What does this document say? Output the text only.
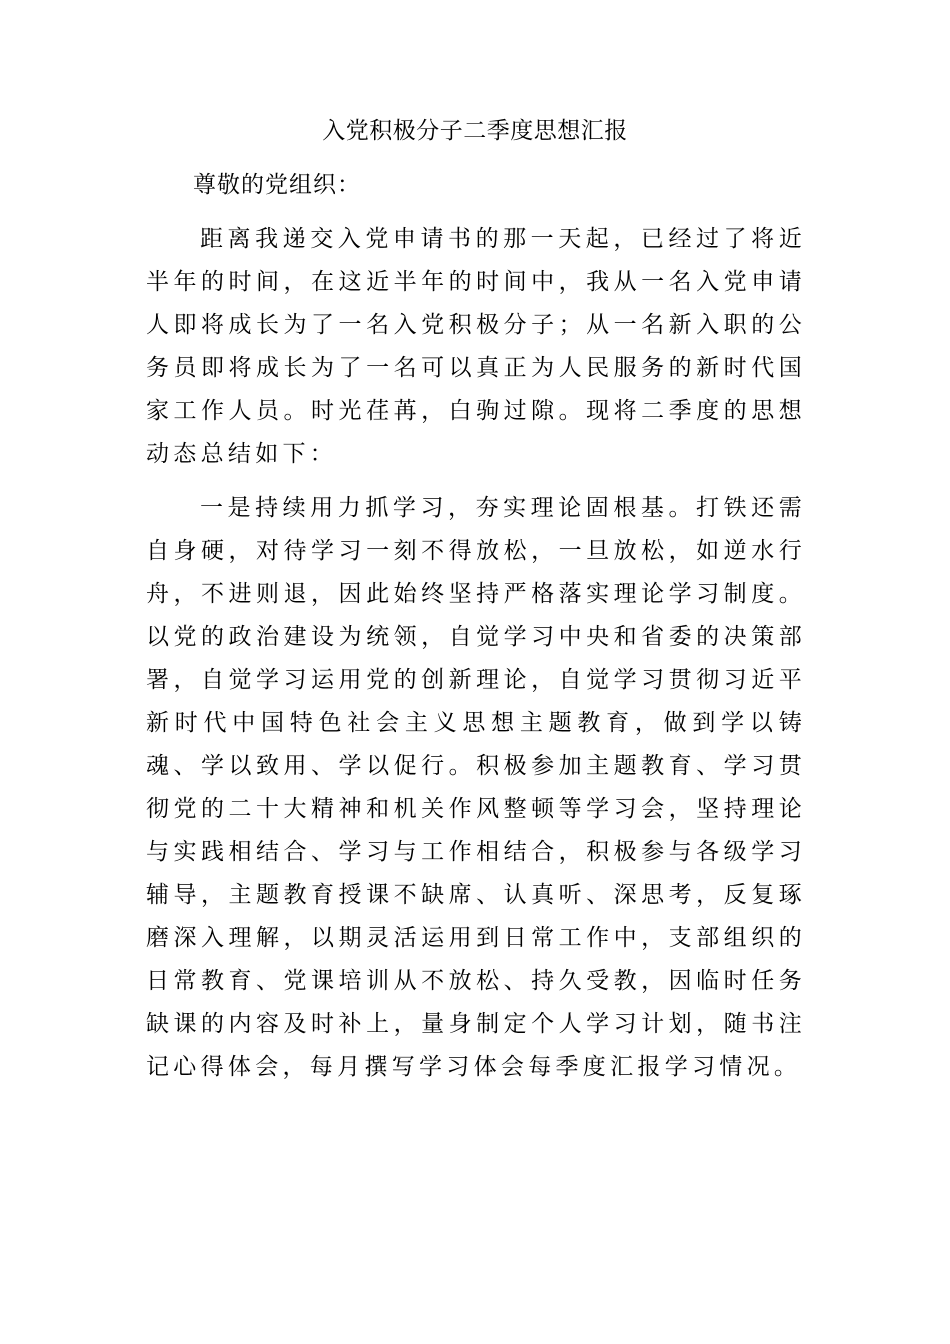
入党积极分子二季度思想汇报

尊敬的党组织：

距离我递交入党申请书的那一天起，已经过了将近半年的时间，在这近半年的时间中，我从一名入党申请人即将成长为了一名入党积极分子；从一名新入职的公务员即将成长为了一名可以真正为人民服务的新时代国家工作人员。时光荏苒，白驹过隙。现将二季度的思想动态总结如下：

一是持续用力抓学习，夯实理论固根基。打铁还需自身硬，对待学习一刻不得放松，一旦放松，如逆水行舟，不进则退，因此始终坚持严格落实理论学习制度。以党的政治建设为统领，自觉学习中央和省委的决策部署，自觉学习运用党的创新理论，自觉学习贯彻习近平新时代中国特色社会主义思想主题教育，做到学以铸魂、学以致用、学以促行。积极参加主题教育、学习贯彻党的二十大精神和机关作风整顿等学习会，坚持理论与实践相结合、学习与工作相结合，积极参与各级学习辅导，主题教育授课不缺席、认真听、深思考，反复琢磨深入理解，以期灵活运用到日常工作中，支部组织的日常教育、党课培训从不放松、持久受教，因临时任务缺课的内容及时补上，量身制定个人学习计划，随书注记心得体会，每月撰写学习体会每季度汇报学习情况。
